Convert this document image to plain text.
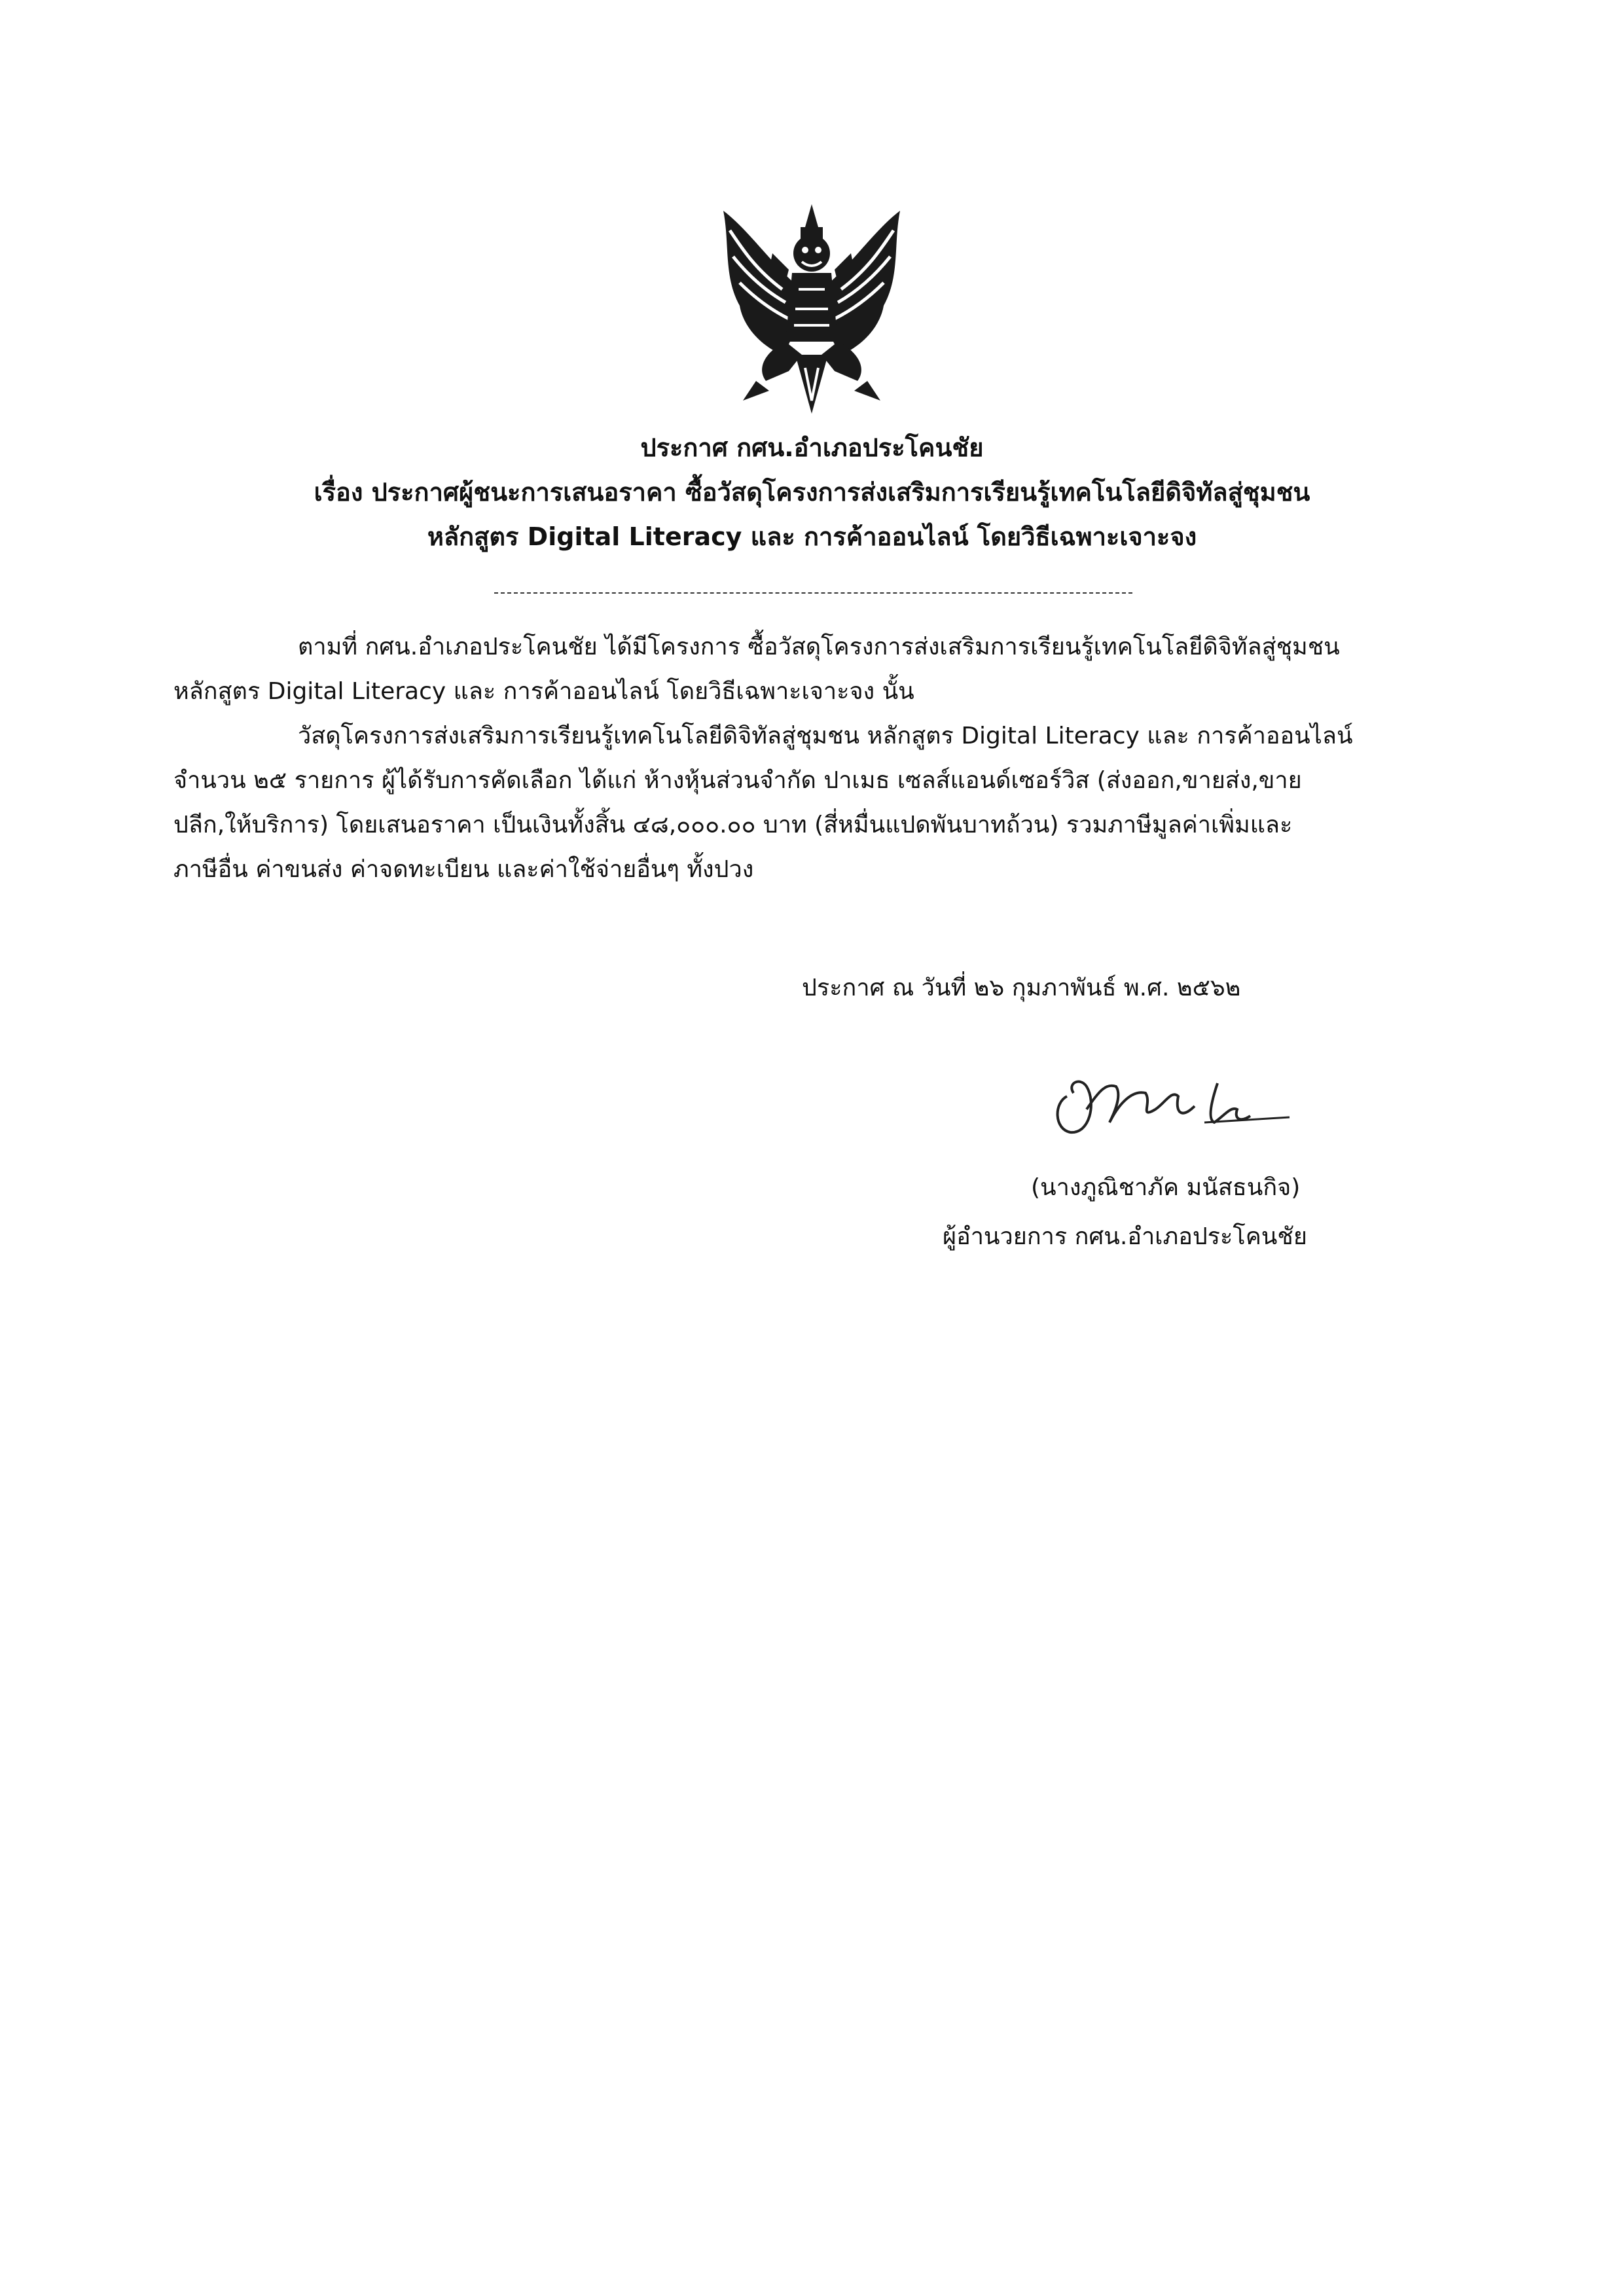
ประกาศ กศน.อำเภอประโคนชัย
เรื่อง ประกาศผู้ชนะการเสนอราคา ซื้อวัสดุโครงการส่งเสริมการเรียนรู้เทคโนโลยีดิจิทัลสู่ชุมชน
หลักสูตร Digital Literacy และ การค้าออนไลน์ โดยวิธีเฉพาะเจาะจง

ตามที่ กศน.อำเภอประโคนชัย ได้มีโครงการ ซื้อวัสดุโครงการส่งเสริมการเรียนรู้เทคโนโลยีดิจิทัลสู่ชุมชน
หลักสูตร Digital Literacy และ การค้าออนไลน์ โดยวิธีเฉพาะเจาะจง นั้น

วัสดุโครงการส่งเสริมการเรียนรู้เทคโนโลยีดิจิทัลสู่ชุมชน หลักสูตร Digital Literacy และ การค้าออนไลน์
จำนวน ๒๕ รายการ ผู้ได้รับการคัดเลือก ได้แก่ ห้างหุ้นส่วนจำกัด ปาเมธ เซลส์แอนด์เซอร์วิส (ส่งออก,ขายส่ง,ขาย
ปลีก,ให้บริการ) โดยเสนอราคา เป็นเงินทั้งสิ้น ๔๘,๐๐๐.๐๐ บาท (สี่หมื่นแปดพันบาทถ้วน) รวมภาษีมูลค่าเพิ่มและ
ภาษีอื่น ค่าขนส่ง ค่าจดทะเบียน และค่าใช้จ่ายอื่นๆ ทั้งปวง

ประกาศ ณ วันที่ ๒๖ กุมภาพันธ์ พ.ศ. ๒๕๖๒
(นางภูณิชาภัค มนัสธนกิจ)
ผู้อำนวยการ กศน.อำเภอประโคนชัย
